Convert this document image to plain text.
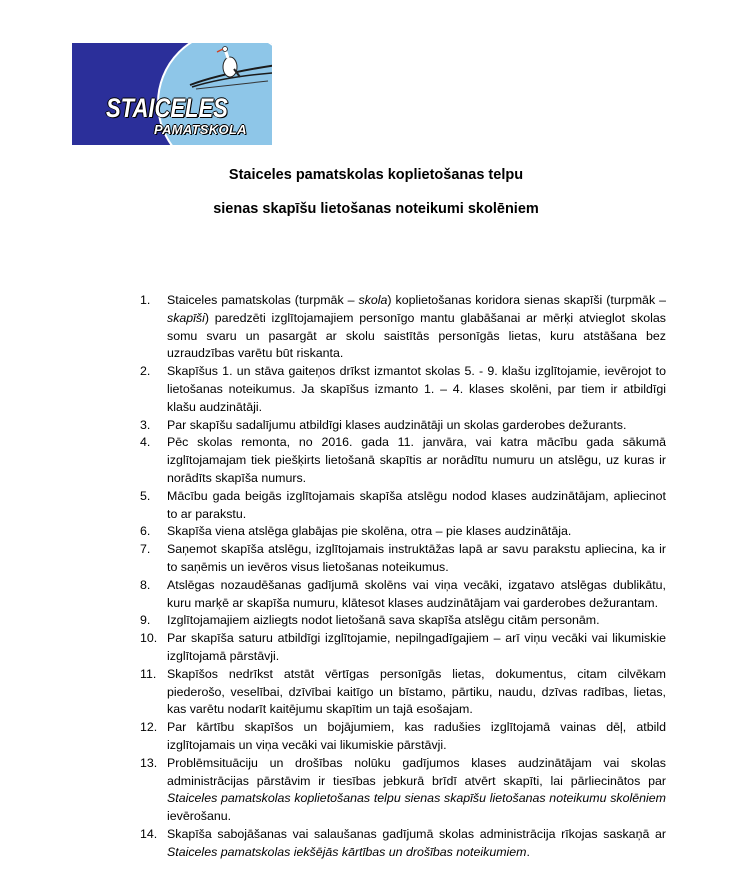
STAICELES
PAMATSKOLA
Staiceles pamatskolas koplietošanas telpu
sienas skapīšu lietošanas noteikumi skolēniem
1. Staiceles pamatskolas (turpmāk – skola) koplietošanas koridora sienas skapīši (turpmāk – skapīši) paredzēti izglītojamajiem personīgo mantu glabāšanai ar mērķi atvieglot skolas somu svaru un pasargāt ar skolu saistītās personīgās lietas, kuru atstāšana bez uzraudzības varētu būt riskanta.
2. Skapīšus 1. un stāva gaiteņos drīkst izmantot skolas 5. - 9. klašu izglītojamie, ievērojot to lietošanas noteikumus. Ja skapīšus izmanto 1. – 4. klases skolēni, par tiem ir atbildīgi klašu audzinātāji.
3. Par skapīšu sadalījumu atbildīgi klases audzinātāji un skolas garderobes dežurants.
4. Pēc skolas remonta, no 2016. gada 11. janvāra, vai katra mācību gada sākumā izglītojamajam tiek piešķirts lietošanā skapītis ar norādītu numuru un atslēgu, uz kuras ir norādīts skapīša numurs.
5. Mācību gada beigās izglītojamais skapīša atslēgu nodod klases audzinātājam, apliecinot to ar parakstu.
6. Skapīša viena atslēga glabājas pie skolēna, otra – pie klases audzinātāja.
7. Saņemot skapīša atslēgu, izglītojamais instruktāžas lapā ar savu parakstu apliecina, ka ir to saņēmis un ievēros visus lietošanas noteikumus.
8. Atslēgas nozaudēšanas gadījumā skolēns vai viņa vecāki, izgatavo atslēgas dublikātu, kuru marķē ar skapīša numuru, klātesot klases audzinātājam vai garderobes dežurantam.
9. Izglītojamajiem aizliegts nodot lietošanā sava skapīša atslēgu citām personām.
10. Par skapīša saturu atbildīgi izglītojamie, nepilngadīgajiem – arī viņu vecāki vai likumiskie izglītojamā pārstāvji.
11. Skapīšos nedrīkst atstāt vērtīgas personīgās lietas, dokumentus, citam cilvēkam piederošo, veselībai, dzīvībai kaitīgo un bīstamo, pārtiku, naudu, dzīvas radības, lietas, kas varētu nodarīt kaitējumu skapītim un tajā esošajam.
12. Par kārtību skapīšos un bojājumiem, kas radušies izglītojamā vainas dēļ, atbild izglītojamais un viņa vecāki vai likumiskie pārstāvji.
13. Problēmsituāciju un drošības nolūku gadījumos klases audzinātājam vai skolas administrācijas pārstāvim ir tiesības jebkurā brīdī atvērt skapīti, lai pārliecinātos par Staiceles pamatskolas koplietošanas telpu sienas skapīšu lietošanas noteikumu skolēniem ievērošanu.
14. Skapīša sabojāšanas vai salaušanas gadījumā skolas administrācija rīkojas saskaņā ar Staiceles pamatskolas iekšējās kārtības un drošības noteikumiem.
